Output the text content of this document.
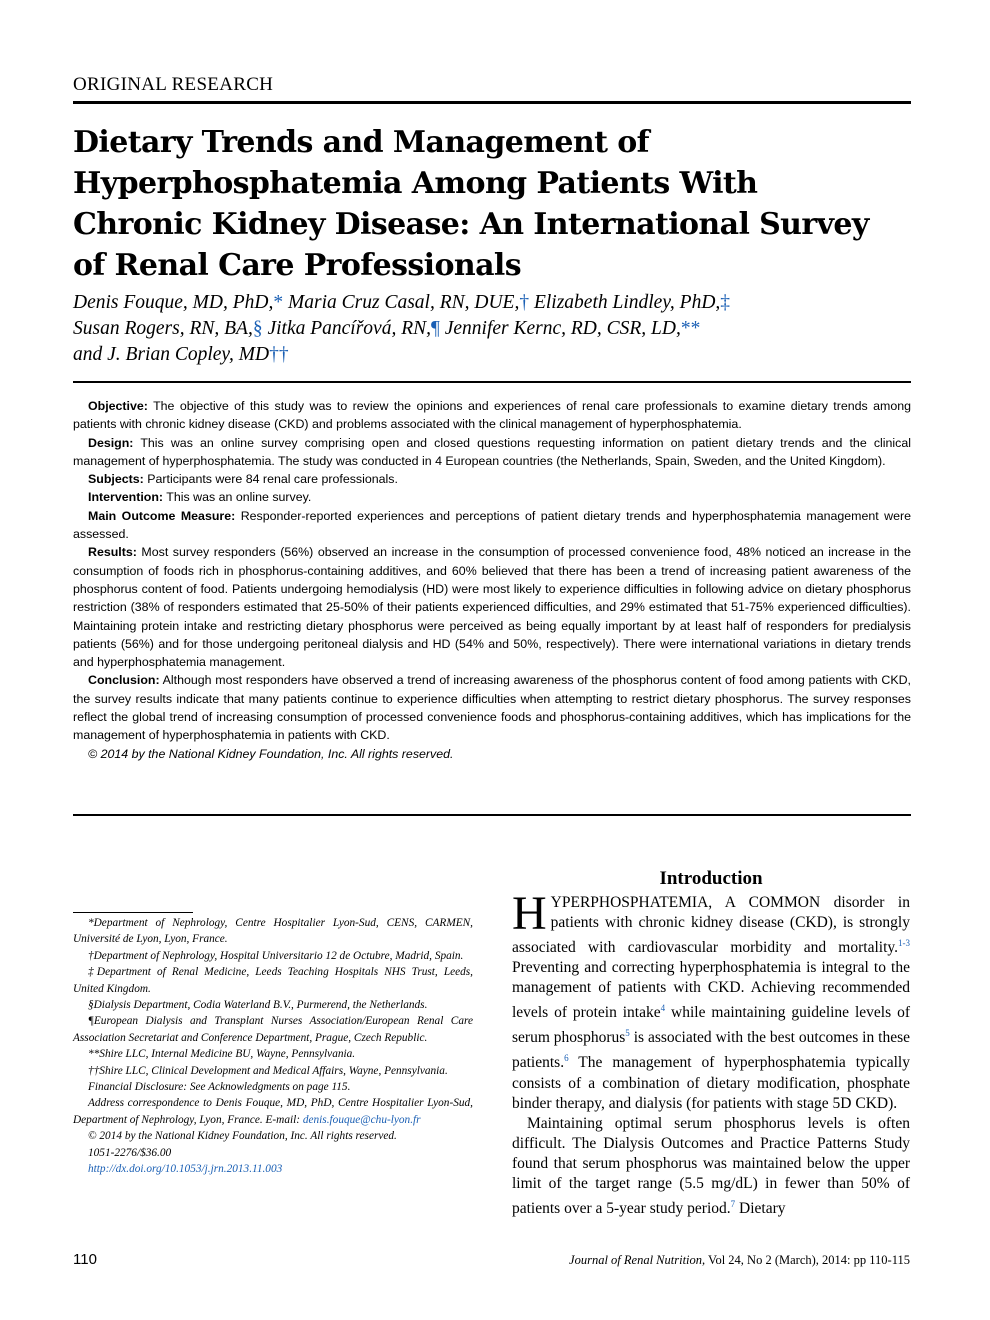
ORIGINAL RESEARCH
Dietary Trends and Management of Hyperphosphatemia Among Patients With Chronic Kidney Disease: An International Survey of Renal Care Professionals
Denis Fouque, MD, PhD,* Maria Cruz Casal, RN, DUE,† Elizabeth Lindley, PhD,‡
Susan Rogers, RN, BA,§ Jitka Pancířová, RN,¶ Jennifer Kernc, RD, CSR, LD,**
and J. Brian Copley, MD††

Objective: The objective of this study was to review the opinions and experiences of renal care professionals to examine dietary trends among patients with chronic kidney disease (CKD) and problems associated with the clinical management of hyperphosphatemia.

Design: This was an online survey comprising open and closed questions requesting information on patient dietary trends and the clinical management of hyperphosphatemia. The study was conducted in 4 European countries (the Netherlands, Spain, Sweden, and the United Kingdom).

Subjects: Participants were 84 renal care professionals.

Intervention: This was an online survey.

Main Outcome Measure: Responder-reported experiences and perceptions of patient dietary trends and hyperphosphatemia management were assessed.

Results: Most survey responders (56%) observed an increase in the consumption of processed convenience food, 48% noticed an increase in the consumption of foods rich in phosphorus-containing additives, and 60% believed that there has been a trend of increasing patient awareness of the phosphorus content of food. Patients undergoing hemodialysis (HD) were most likely to experience difficulties in following advice on dietary phosphorus restriction (38% of responders estimated that 25-50% of their patients experienced difficulties, and 29% estimated that 51-75% experienced difficulties). Maintaining protein intake and restricting dietary phosphorus were perceived as being equally important by at least half of responders for predialysis patients (56%) and for those undergoing peritoneal dialysis and HD (54% and 50%, respectively). There were international variations in dietary trends and hyperphosphatemia management.

Conclusion: Although most responders have observed a trend of increasing awareness of the phosphorus content of food among patients with CKD, the survey results indicate that many patients continue to experience difficulties when attempting to restrict dietary phosphorus. The survey responses reflect the global trend of increasing consumption of processed convenience foods and phosphorus-containing additives, which has implications for the management of hyperphosphatemia in patients with CKD.

© 2014 by the National Kidney Foundation, Inc. All rights reserved.

*Department of Nephrology, Centre Hospitalier Lyon-Sud, CENS, CARMEN, Université de Lyon, Lyon, France.

†Department of Nephrology, Hospital Universitario 12 de Octubre, Madrid, Spain.

‡Department of Renal Medicine, Leeds Teaching Hospitals NHS Trust, Leeds, United Kingdom.

§Dialysis Department, Codia Waterland B.V., Purmerend, the Netherlands.

¶European Dialysis and Transplant Nurses Association/European Renal Care Association Secretariat and Conference Department, Prague, Czech Republic.

**Shire LLC, Internal Medicine BU, Wayne, Pennsylvania.

††Shire LLC, Clinical Development and Medical Affairs, Wayne, Pennsylvania.

Financial Disclosure: See Acknowledgments on page 115.

Address correspondence to Denis Fouque, MD, PhD, Centre Hospitalier Lyon-Sud, Department of Nephrology, Lyon, France. E-mail: denis.fouque@chu-lyon.fr

© 2014 by the National Kidney Foundation, Inc. All rights reserved.

1051-2276/$36.00

http://dx.doi.org/10.1053/j.jrn.2013.11.003

Introduction

HYPERPHOSPHATEMIA, A COMMON disorder in patients with chronic kidney disease (CKD), is strongly associated with cardiovascular morbidity and mortality.$^{1-3}$ Preventing and correcting hyperphosphatemia is integral to the management of patients with CKD. Achieving recommended levels of protein intake$^4$ while maintaining guideline levels of serum phosphorus$^5$ is associated with the best outcomes in these patients.$^6$ The management of hyperphosphatemia typically consists of a combination of dietary modification, phosphate binder therapy, and dialysis (for patients with stage 5D CKD).

Maintaining optimal serum phosphorus levels is often difficult. The Dialysis Outcomes and Practice Patterns Study found that serum phosphorus was maintained below the upper limit of the target range (5.5 mg/dL) in fewer than 50% of patients over a 5-year study period.$^7$ Dietary

110	Journal of Renal Nutrition, Vol 24, No 2 (March), 2014: pp 110-115
